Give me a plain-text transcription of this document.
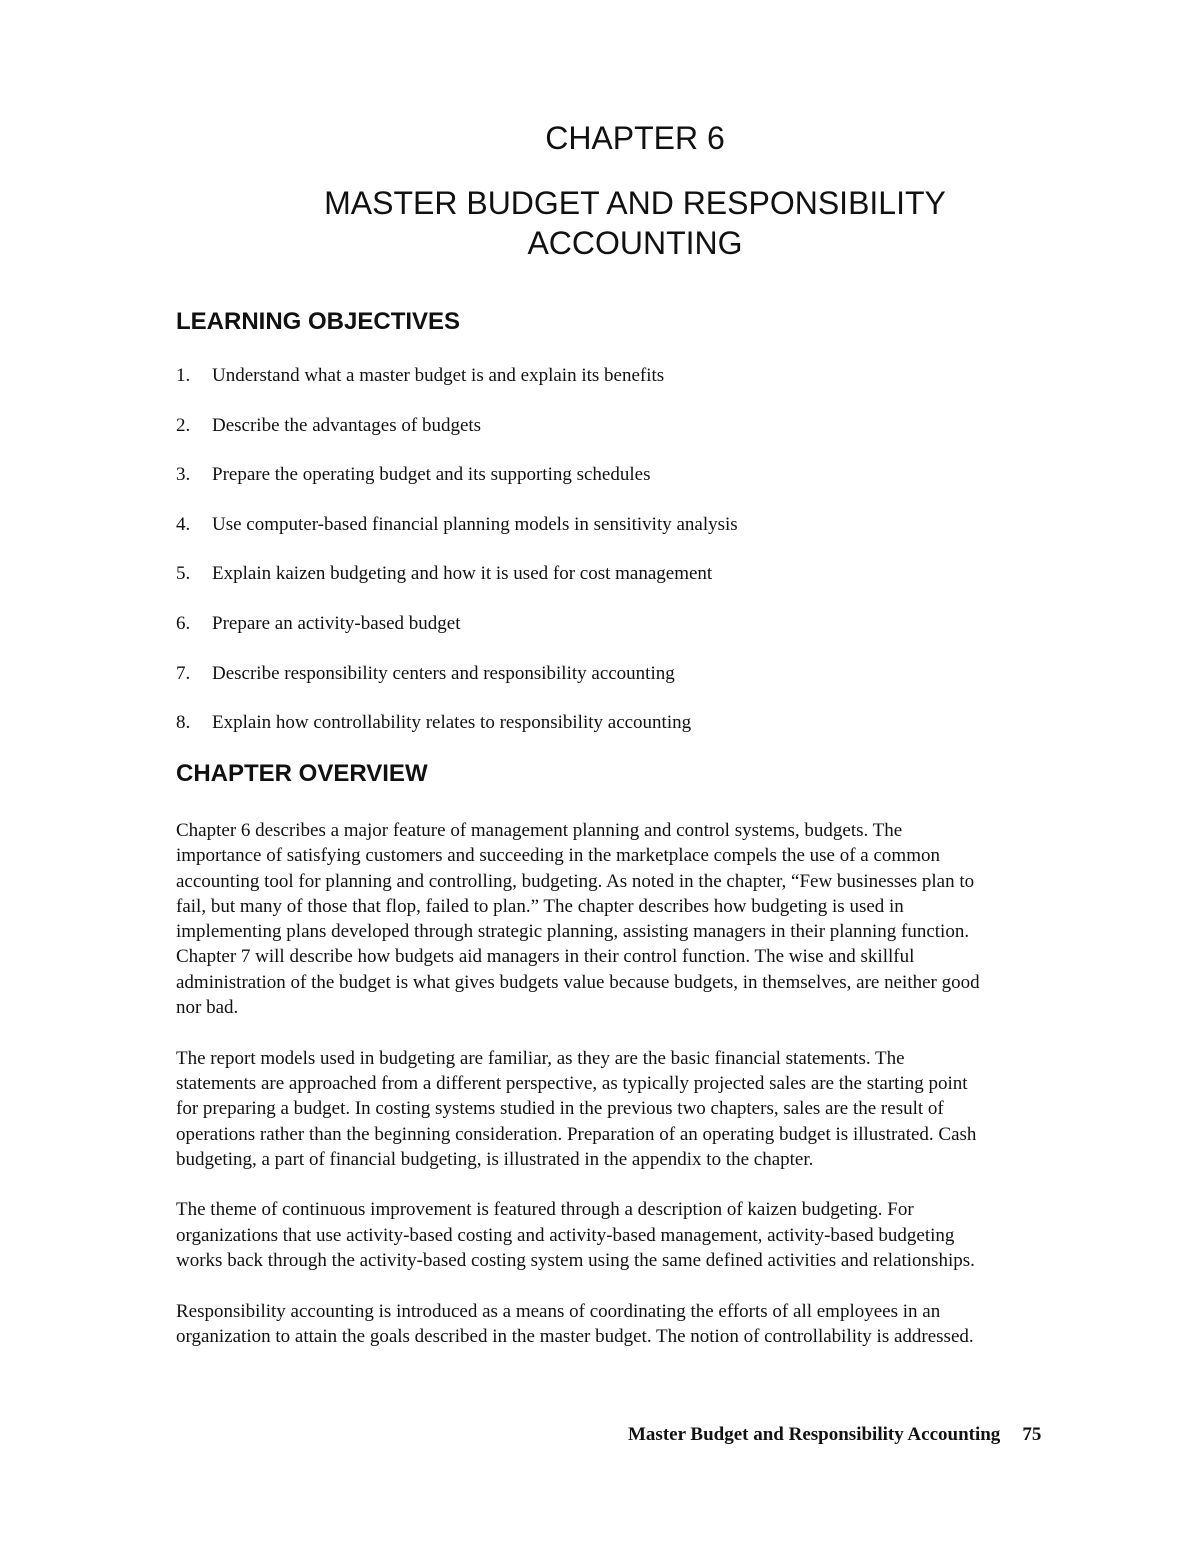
CHAPTER 6
MASTER BUDGET AND RESPONSIBILITY
ACCOUNTING
LEARNING OBJECTIVES
1. Understand what a master budget is and explain its benefits
2. Describe the advantages of budgets
3. Prepare the operating budget and its supporting schedules
4. Use computer-based financial planning models in sensitivity analysis
5. Explain kaizen budgeting and how it is used for cost management
6. Prepare an activity-based budget
7. Describe responsibility centers and responsibility accounting
8. Explain how controllability relates to responsibility accounting
CHAPTER OVERVIEW

Chapter 6 describes a major feature of management planning and control systems, budgets. The
importance of satisfying customers and succeeding in the marketplace compels the use of a common
accounting tool for planning and controlling, budgeting. As noted in the chapter, “Few businesses plan to
fail, but many of those that flop, failed to plan.” The chapter describes how budgeting is used in
implementing plans developed through strategic planning, assisting managers in their planning function.
Chapter 7 will describe how budgets aid managers in their control function. The wise and skillful
administration of the budget is what gives budgets value because budgets, in themselves, are neither good
nor bad.

The report models used in budgeting are familiar, as they are the basic financial statements. The
statements are approached from a different perspective, as typically projected sales are the starting point
for preparing a budget. In costing systems studied in the previous two chapters, sales are the result of
operations rather than the beginning consideration. Preparation of an operating budget is illustrated. Cash
budgeting, a part of financial budgeting, is illustrated in the appendix to the chapter.

The theme of continuous improvement is featured through a description of kaizen budgeting. For
organizations that use activity-based costing and activity-based management, activity-based budgeting
works back through the activity-based costing system using the same defined activities and relationships.

Responsibility accounting is introduced as a means of coordinating the efforts of all employees in an
organization to attain the goals described in the master budget. The notion of controllability is addressed.

Master Budget and Responsibility Accounting 75
